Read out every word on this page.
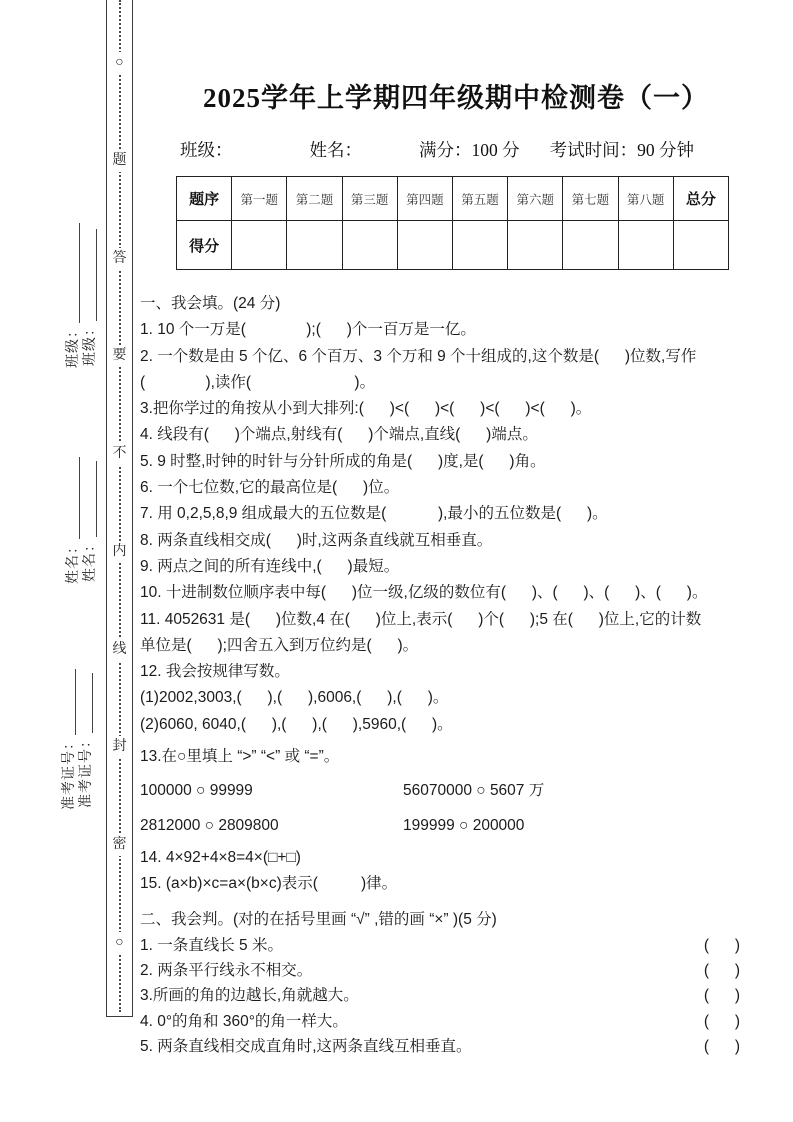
班级： 班级：
姓名： 姓名：
准考证号： 准考证号：
○
题
答
要
不
内
线
封
密
○
2025学年上学期四年级期中检测卷（一）
班级：	姓名：	满分：100 分 考试时间：90 分钟
题序	第一题	第二题	第三题	第四题	第五题	第六题	第七题	第八题	总分
得分									
一、我会填。(24 分)
1. 10 个一万是(              );(      )个一百万是一亿。
2. 一个数是由 5 个亿、6 个百万、3 个万和 9 个十组成的,这个数是(      )位数,写作
(              ),读作(                        )。
3.把你学过的角按从小到大排列:(      )<(      )<(      )<(      )<(      )。
4. 线段有(      )个端点,射线有(      )个端点,直线(      )端点。
5. 9 时整,时钟的时针与分针所成的角是(      )度,是(      )角。
6. 一个七位数,它的最高位是(      )位。
7. 用 0,2,5,8,9 组成最大的五位数是(            ),最小的五位数是(      )。
8. 两条直线相交成(      )时,这两条直线就互相垂直。
9. 两点之间的所有连线中,(      )最短。
10. 十进制数位顺序表中每(      )位一级,亿级的数位有(      )、(      )、(      )、(      )。
11. 4052631 是(      )位数,4 在(      )位上,表示(      )个(      );5 在(      )位上,它的计数
单位是(      );四舍五入到万位约是(      )。
12. 我会按规律写数。
(1)2002,3003,(      ),(      ),6006,(      ),(      )。
(2)6060, 6040,(      ),(      ),(      ),5960,(      )。
13.在○里填上 “>” “<” 或 “=”。
100000 ○ 99999	56070000 ○ 5607 万
2812000 ○ 2809800	199999 ○ 200000
14. 4×92+4×8=4×(□+□)
15. (a×b)×c=a×(b×c)表示(          )律。
二、我会判。(对的在括号里画 “√” ,错的画 “×” )(5 分)
1. 一条直线长 5 米。	(      )
2. 两条平行线永不相交。	(      )
3.所画的角的边越长,角就越大。	(      )
4. 0°的角和 360°的角一样大。	(      )
5. 两条直线相交成直角时,这两条直线互相垂直。	(      )
